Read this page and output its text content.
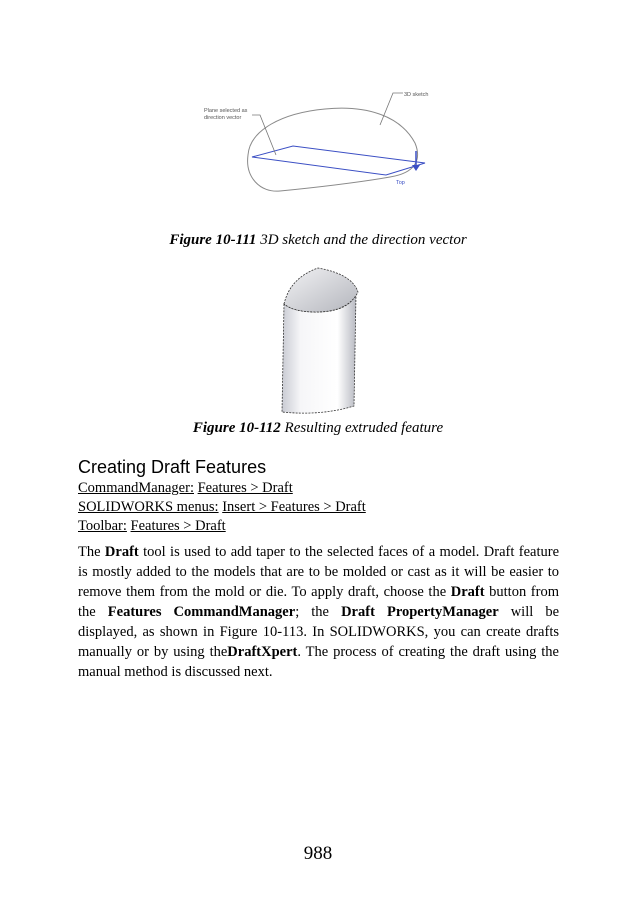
Plane selected as
direction vector
3D sketch
Top
Figure 10-111 3D sketch and the direction vector
Figure 10-112 Resulting extruded feature
Creating Draft Features
CommandManager: Features > Draft
SOLIDWORKS menus: Insert > Features > Draft
Toolbar: Features > Draft
The Draft tool is used to add taper to the selected faces of a model. Draft feature is mostly added to the models that are to be molded or cast as it will be easier to remove them from the mold or die. To apply draft, choose the Draft button from the Features CommandManager; the Draft PropertyManager will be displayed, as shown in Figure 10-113. In SOLIDWORKS, you can create drafts manually or by using theDraftXpert. The process of creating the draft using the manual method is discussed next.
988
